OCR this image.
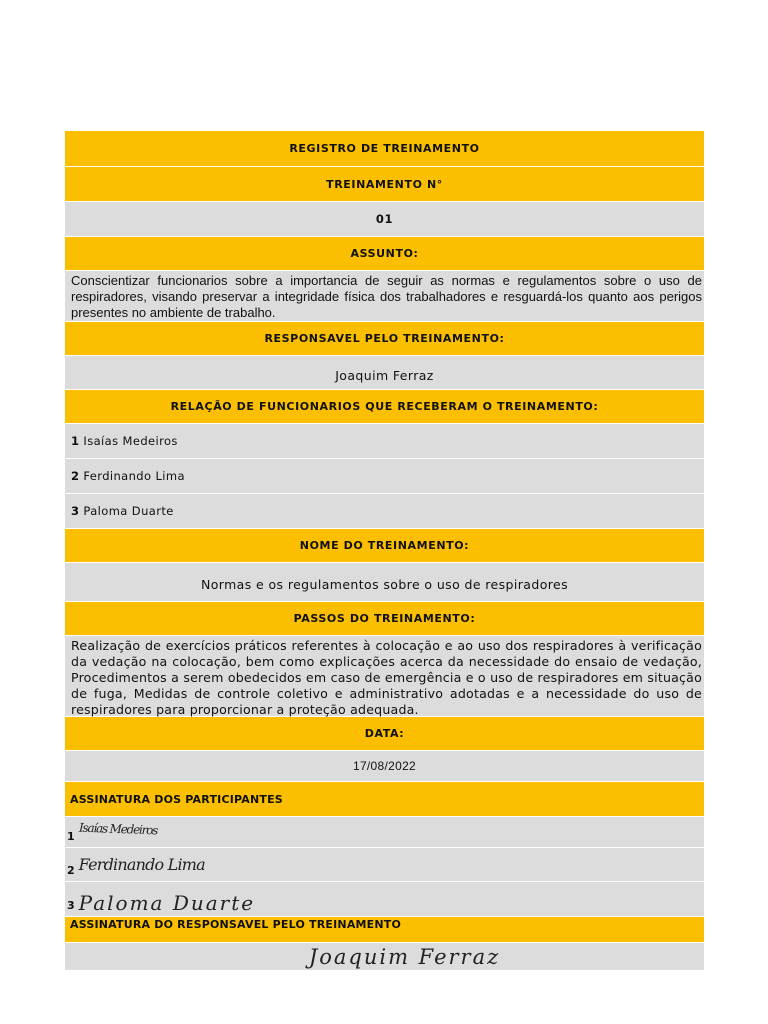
REGISTRO DE TREINAMENTO
TREINAMENTO N°
01
ASSUNTO:
Conscientizar funcionarios sobre a importancia de seguir as normas e regulamentos sobre o uso de respiradores, visando preservar a integridade física dos trabalhadores e resguardá-los quanto aos perigos presentes no ambiente de trabalho.
RESPONSAVEL PELO TREINAMENTO:
Joaquim Ferraz
RELAÇÃO DE FUNCIONARIOS QUE RECEBERAM O TREINAMENTO:
1 Isaías Medeiros
2 Ferdinando Lima
3 Paloma Duarte
NOME DO TREINAMENTO:
Normas e os regulamentos sobre o uso de respiradores
PASSOS DO TREINAMENTO:
Realização de exercícios práticos referentes à colocação e ao uso dos respiradores à verificação da vedação na colocação, bem como explicações acerca da necessidade do ensaio de vedação, Procedimentos a serem obedecidos em caso de emergência e o uso de respiradores em situação de fuga, Medidas de controle coletivo e administrativo adotadas e a necessidade do uso de respiradores para proporcionar a proteção adequada.
DATA:
17/08/2022
ASSINATURA DOS PARTICIPANTES
1 Isaías Medeiros
2 Ferdinando Lima
3 Paloma Duarte
ASSINATURA DO RESPONSAVEL PELO TREINAMENTO
Joaquim Ferraz
